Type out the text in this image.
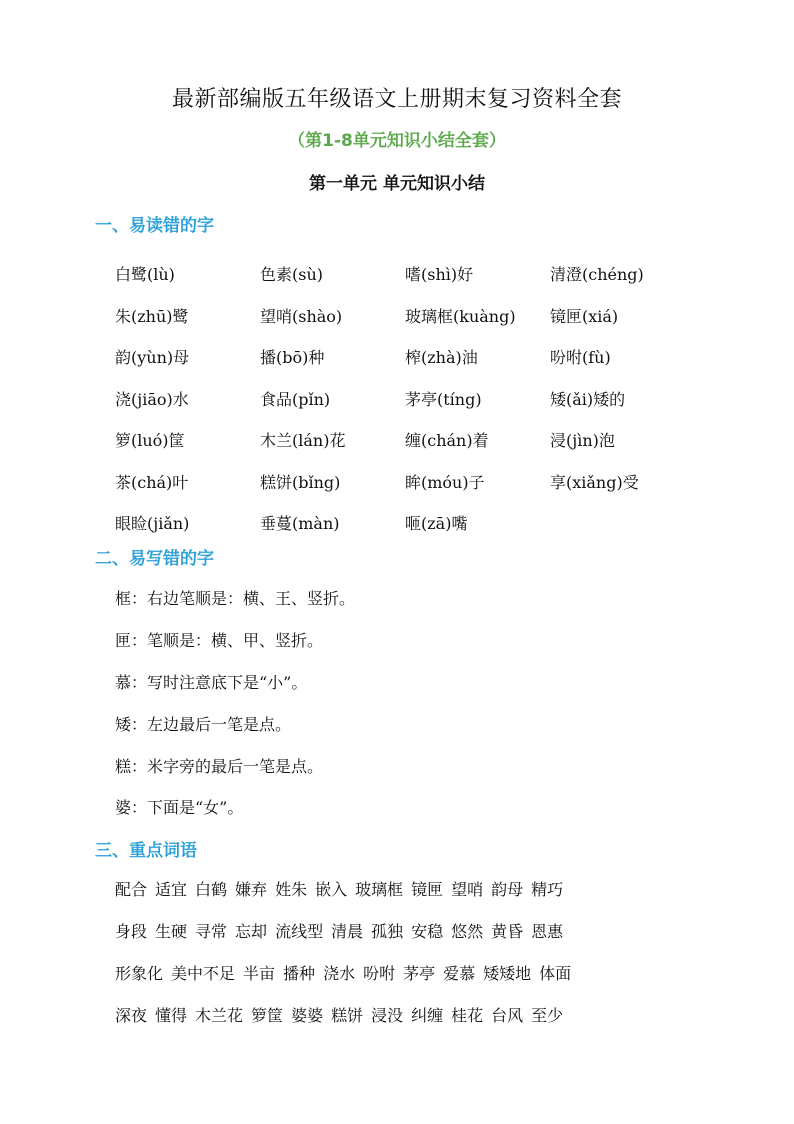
最新部编版五年级语文上册期末复习资料全套
（第1-8单元知识小结全套）
第一单元 单元知识小结
一、易读错的字
白鹭(lù)	色素(sù)	嗜(shì)好	清澄(chéng)
朱(zhū)鹭	望哨(shào)	玻璃框(kuàng)	镜匣(xiá)
韵(yùn)母	播(bō)种	榨(zhà)油	吩咐(fù)
浇(jiāo)水	食品(pǐn)	茅亭(tíng)	矮(ǎi)矮的
箩(luó)筐	木兰(lán)花	缠(chán)着	浸(jìn)泡
茶(chá)叶	糕饼(bǐng)	眸(móu)子	享(xiǎng)受
眼睑(jiǎn)	垂蔓(màn)	咂(zā)嘴
二、易写错的字
框：右边笔顺是：横、王、竖折。
匣：笔顺是：横、甲、竖折。
慕：写时注意底下是“小”。
矮：左边最后一笔是点。
糕：米字旁的最后一笔是点。
婆：下面是“女”。
三、重点词语
配合 适宜 白鹤 嫌弃 姓朱 嵌入 玻璃框 镜匣 望哨 韵母 精巧
身段 生硬 寻常 忘却 流线型 清晨 孤独 安稳 悠然 黄昏 恩惠
形象化 美中不足 半亩 播种 浇水 吩咐 茅亭 爱慕 矮矮地 体面
深夜 懂得 木兰花 箩筐 婆婆 糕饼 浸没 纠缠 桂花 台风 至少
